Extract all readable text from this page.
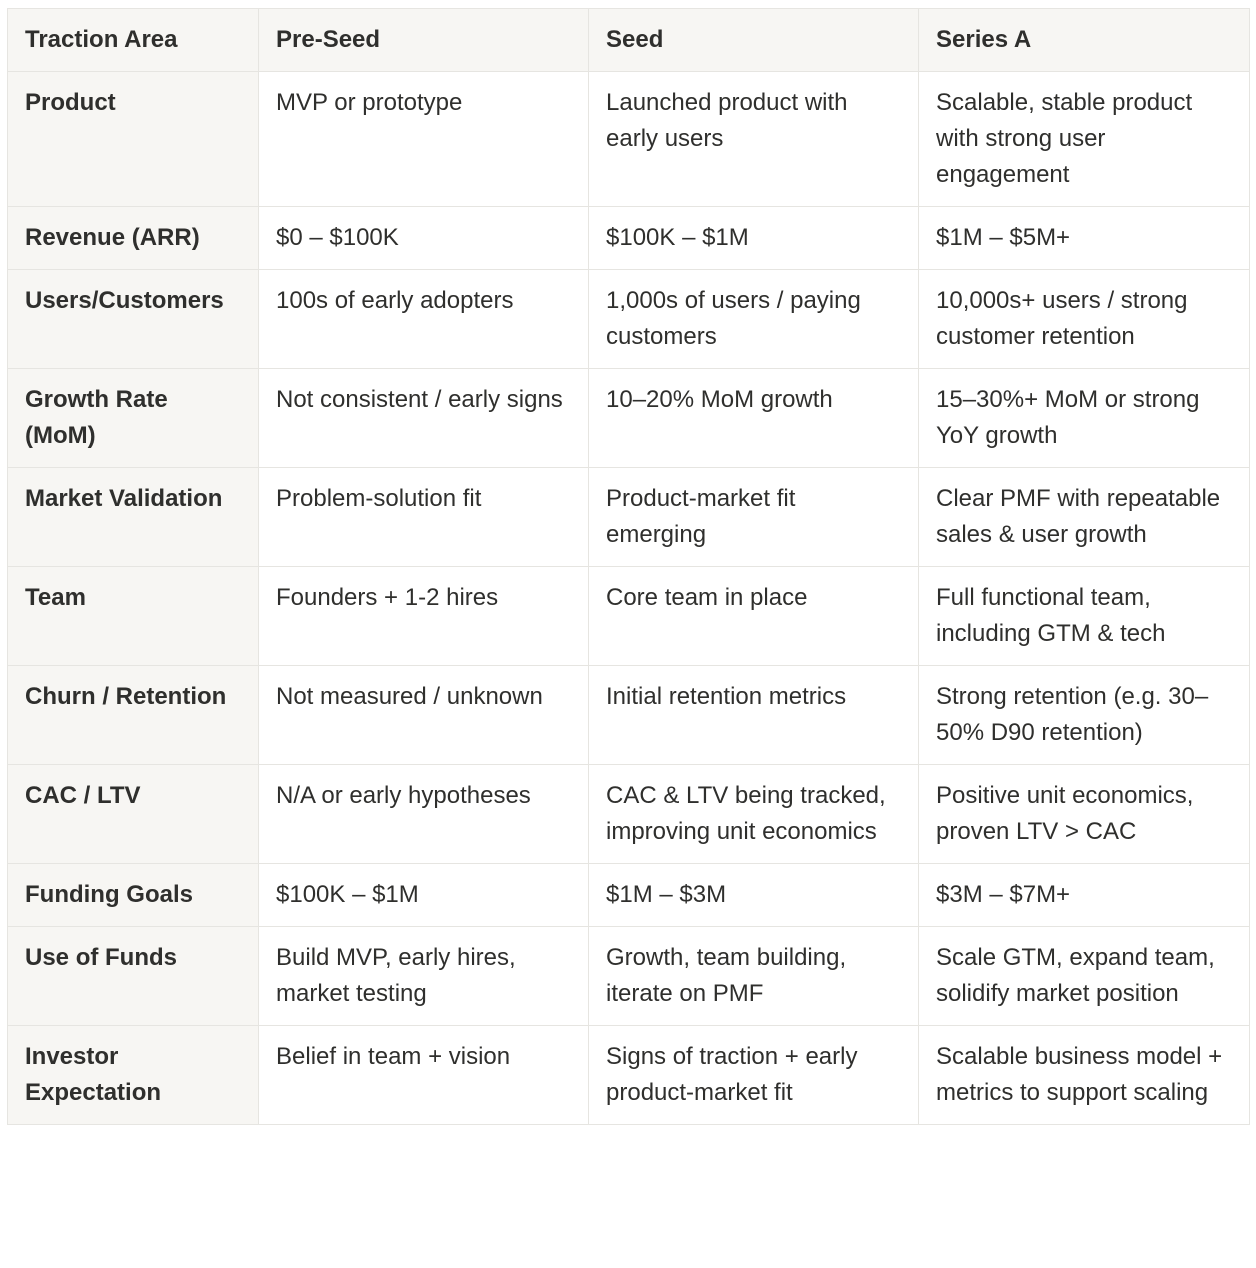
Traction Area	Pre-Seed	Seed	Series A
Product	MVP or prototype	Launched product with early users	Scalable, stable product with strong user engagement
Revenue (ARR)	$0 – $100K	$100K – $1M	$1M – $5M+
Users/Customers	100s of early adopters	1,000s of users / paying customers	10,000s+ users / strong customer retention
Growth Rate (MoM)	Not consistent / early signs	10–20% MoM growth	15–30%+ MoM or strong YoY growth
Market Validation	Problem-solution fit	Product-market fit emerging	Clear PMF with repeatable sales & user growth
Team	Founders + 1-2 hires	Core team in place	Full functional team, including GTM & tech
Churn / Retention	Not measured / unknown	Initial retention metrics	Strong retention (e.g. 30–50% D90 retention)
CAC / LTV	N/A or early hypotheses	CAC & LTV being tracked, improving unit economics	Positive unit economics, proven LTV > CAC
Funding Goals	$100K – $1M	$1M – $3M	$3M – $7M+
Use of Funds	Build MVP, early hires, market testing	Growth, team building, iterate on PMF	Scale GTM, expand team, solidify market position
Investor Expectation	Belief in team + vision	Signs of traction + early product-market fit	Scalable business model + metrics to support scaling
